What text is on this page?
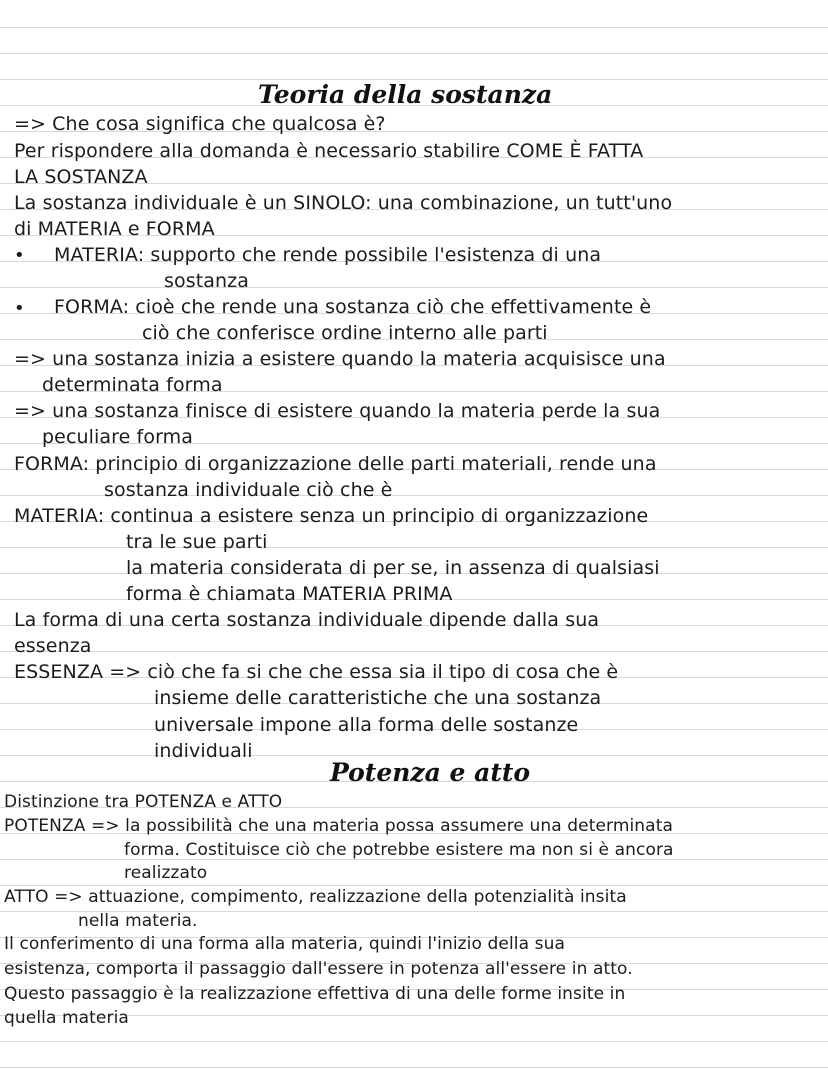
Teoria della sostanza
=> Che cosa significa che qualcosa è?
Per rispondere alla domanda è necessario stabilire COME È FATTA
LA SOSTANZA
La sostanza individuale è un SINOLO: una combinazione, un tutt'uno
di MATERIA e FORMA
• MATERIA: supporto che rende possibile l'esistenza di una
sostanza
• FORMA: cioè che rende una sostanza ciò che effettivamente è
ciò che conferisce ordine interno alle parti
=> una sostanza inizia a esistere quando la materia acquisisce una
determinata forma
=> una sostanza finisce di esistere quando la materia perde la sua
peculiare forma
FORMA: principio di organizzazione delle parti materiali, rende una
sostanza individuale ciò che è
MATERIA: continua a esistere senza un principio di organizzazione
tra le sue parti
la materia considerata di per se, in assenza di qualsiasi
forma è chiamata MATERIA PRIMA
La forma di una certa sostanza individuale dipende dalla sua
essenza
ESSENZA => ciò che fa si che che essa sia il tipo di cosa che è
insieme delle caratteristiche che una sostanza
universale impone alla forma delle sostanze
individuali
Potenza e atto
Distinzione tra POTENZA e ATTO
POTENZA => la possibilità che una materia possa assumere una determinata
forma. Costituisce ciò che potrebbe esistere ma non si è ancora
realizzato
ATTO => attuazione, compimento, realizzazione della potenzialità insita
nella materia.
Il conferimento di una forma alla materia, quindi l'inizio della sua
esistenza, comporta il passaggio dall'essere in potenza all'essere in atto.
Questo passaggio è la realizzazione effettiva di una delle forme insite in
quella materia
